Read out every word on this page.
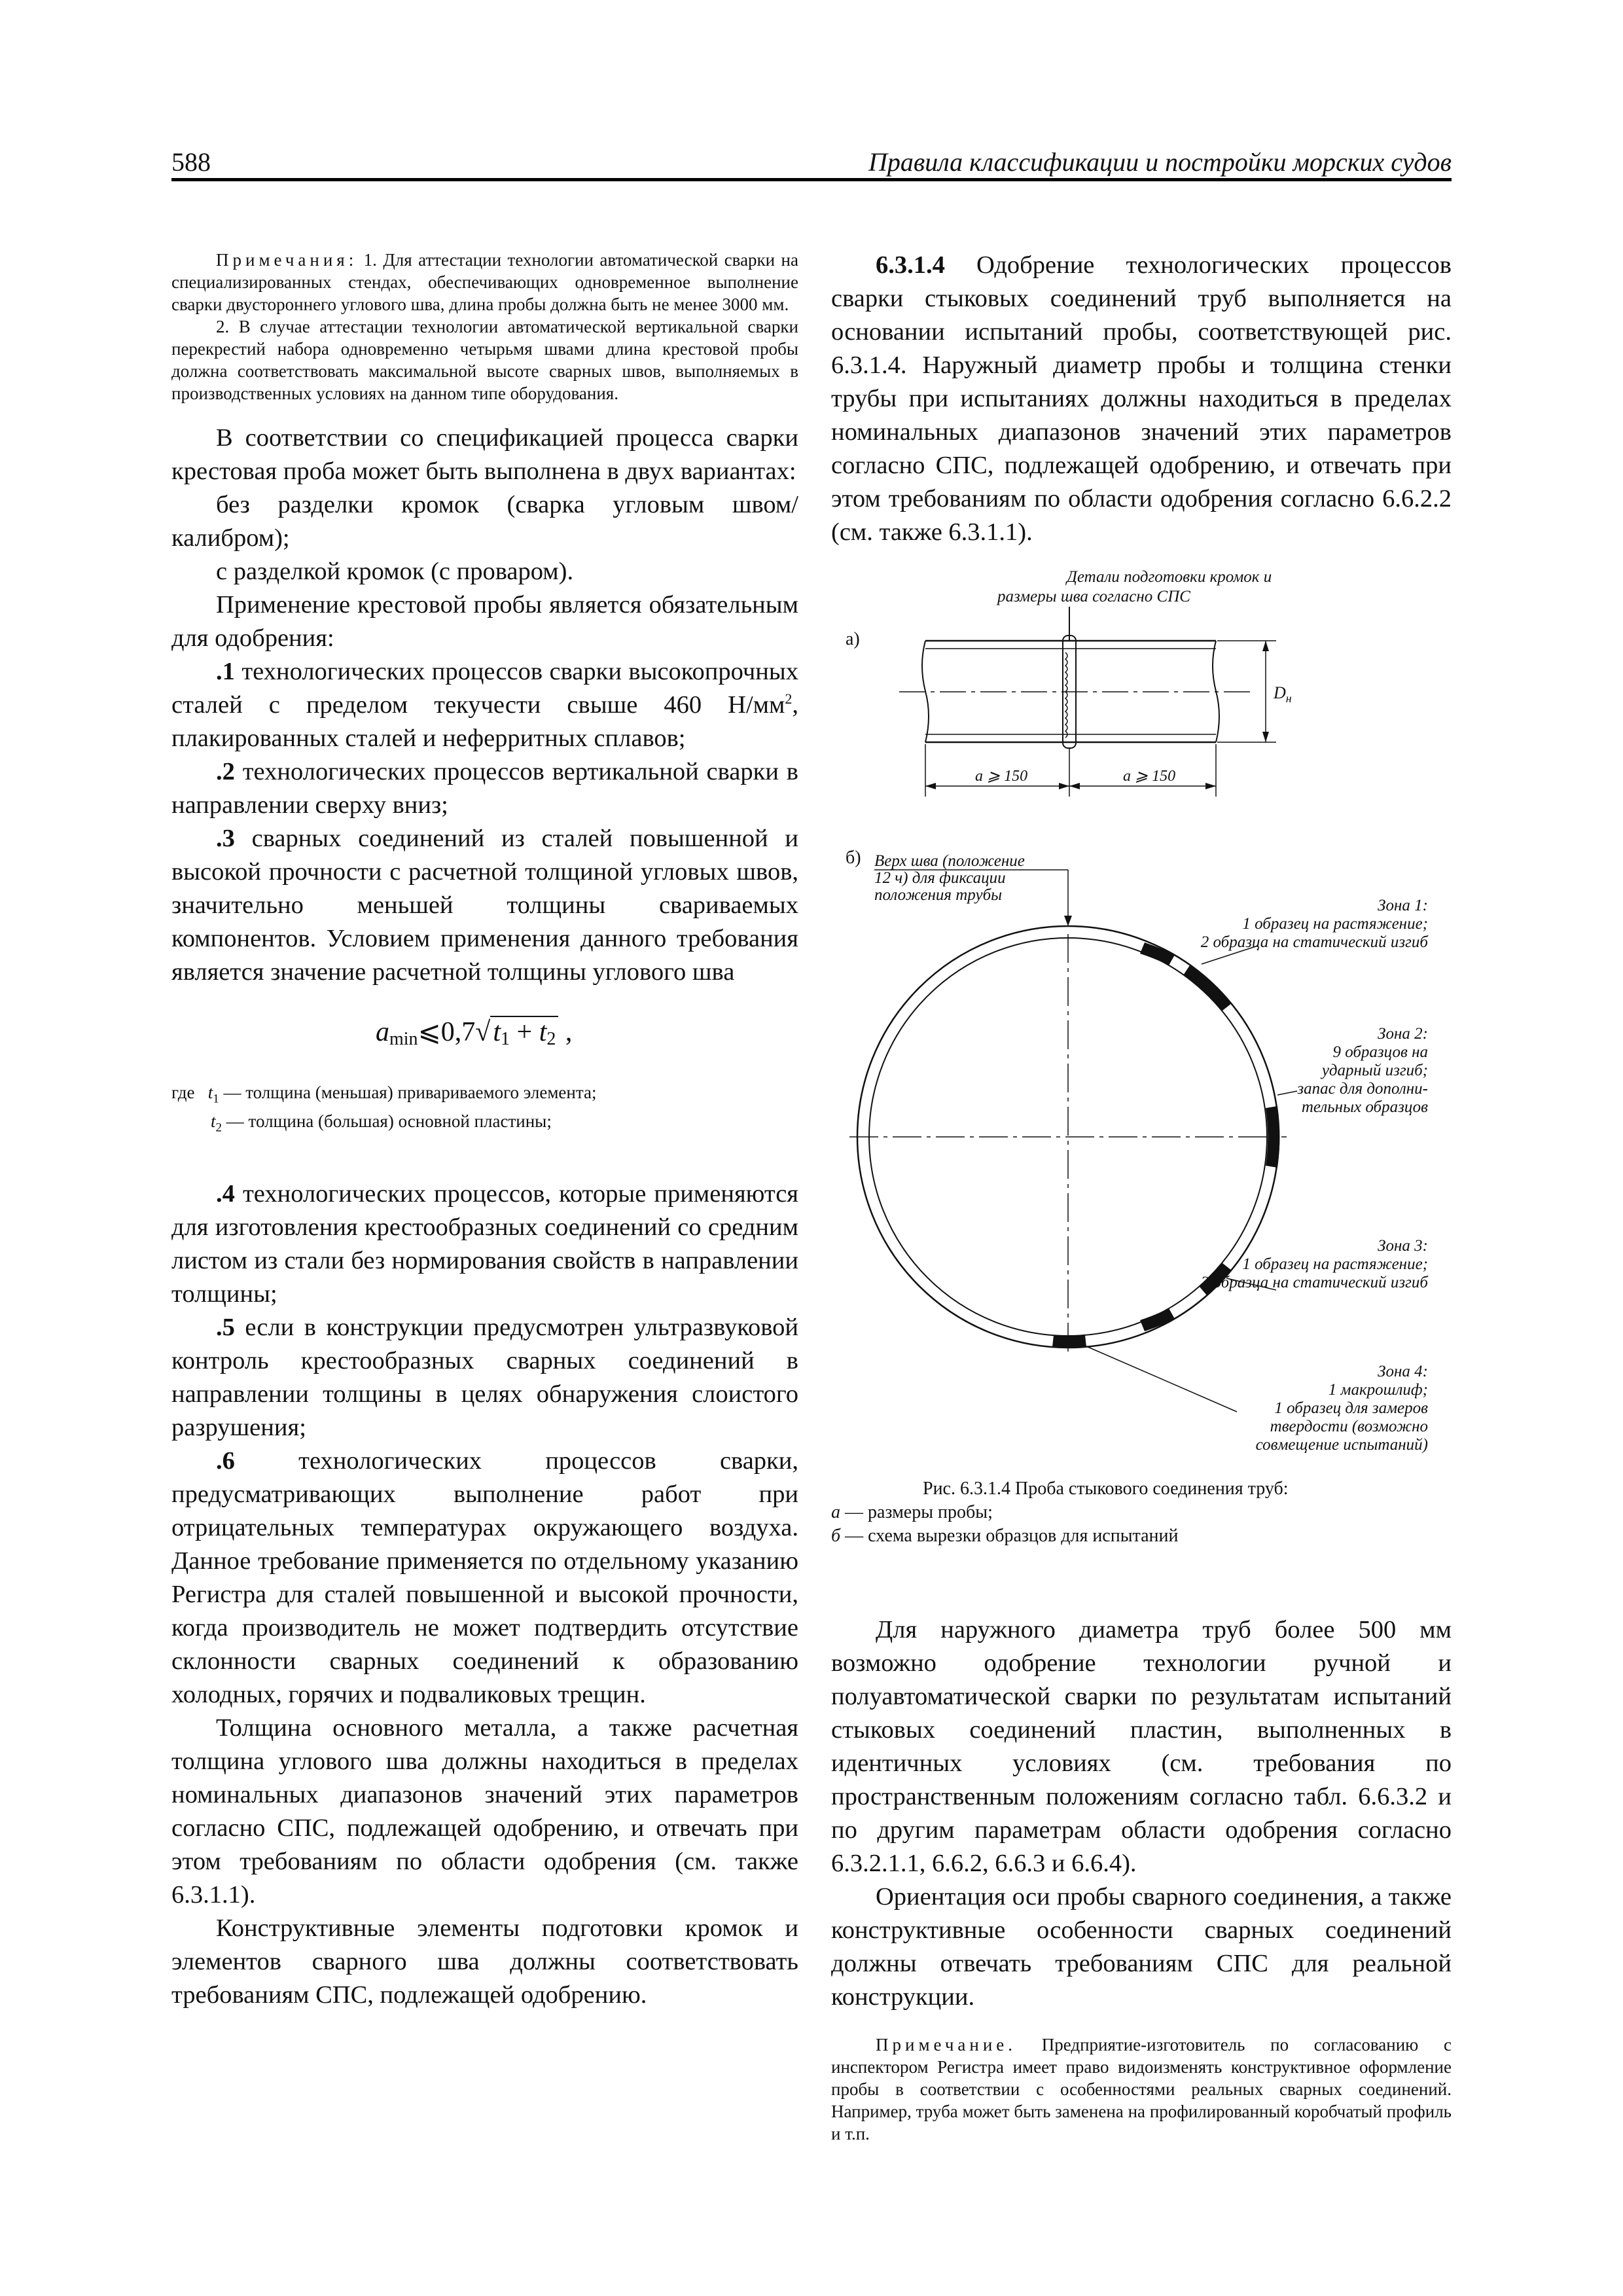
588	Правила классификации и постройки морских судов

Примечания: 1. Для аттестации технологии автоматической сварки на специализированных стендах, обеспечивающих одновременное выполнение сварки двустороннего углового шва, длина пробы должна быть не менее 3000 мм.

2. В случае аттестации технологии автоматической вертикальной сварки перекрестий набора одновременно четырьмя швами длина крестовой пробы должна соответствовать максимальной высоте сварных швов, выполняемых в производственных условиях на данном типе оборудования.

В соответствии со спецификацией процесса сварки крестовая проба может быть выполнена в двух вариантах:

без разделки кромок (сварка угловым швом/калибром);

с разделкой кромок (с проваром).

Применение крестовой пробы является обязательным для одобрения:

.1 технологических процессов сварки высокопрочных сталей с пределом текучести свыше 460 $Н/мм^2$, плакированных сталей и неферритных сплавов;

.2 технологических процессов вертикальной сварки в направлении сверху вниз;

.3 сварных соединений из сталей повышенной и высокой прочности с расчетной толщиной угловых швов, значительно меньшей толщины свариваемых компонентов. Условием применения данного требования является значение расчетной толщины углового шва

$a_{min}⩽0,7√t_1 + t_2$ ,
где $t_1$ — толщина (меньшая) привариваемого элемента;
$t_2$ — толщина (большая) основной пластины;

.4 технологических процессов, которые применяются для изготовления крестообразных соединений со средним листом из стали без нормирования свойств в направлении толщины;

.5 если в конструкции предусмотрен ультразвуковой контроль крестообразных сварных соединений в направлении толщины в целях обнаружения слоистого разрушения;

.6 технологических процессов сварки, предусматривающих выполнение работ при отрицательных температурах окружающего воздуха. Данное требование применяется по отдельному указанию Регистра для сталей повышенной и высокой прочности, когда производитель не может подтвердить отсутствие склонности сварных соединений к образованию холодных, горячих и подваликовых трещин.

Толщина основного металла, а также расчетная толщина углового шва должны находиться в пределах номинальных диапазонов значений этих параметров согласно СПС, подлежащей одобрению, и отвечать при этом требованиям по области одобрения (см. также 6.3.1.1).

Конструктивные элементы подготовки кромок и элементов сварного шва должны соответствовать требованиям СПС, подлежащей одобрению.

6.3.1.4 Одобрение технологических процессов сварки стыковых соединений труб выполняется на основании испытаний пробы, соответствующей рис. 6.3.1.4. Наружный диаметр пробы и толщина стенки трубы при испытаниях должны находиться в пределах номинальных диапазонов значений этих параметров согласно СПС, подлежащей одобрению, и отвечать при этом требованиям по области одобрения согласно 6.6.2.2 (см. также 6.3.1.1).

а)
Детали подготовки кромок и
размеры шва согласно СПС
a ⩾ 150	a ⩾ 150
$D_н$
б) Верх шва (положение
12 ч) для фиксации
положения трубы
Зона 1:
1 образец на растяжение;
2 образца на статический изгиб
Зона 2:
9 образцов на
ударный изгиб;
запас для дополни-
тельных образцов
Зона 3:
1 образец на растяжение;
2 образца на статический изгиб
Зона 4:
1 макрошлиф;
1 образец для замеров
твердости (возможно
совмещение испытаний)

Рис. 6.3.1.4 Проба стыкового соединения труб:

а — размеры пробы;

б — схема вырезки образцов для испытаний

Для наружного диаметра труб более 500 мм возможно одобрение технологии ручной и полуавтоматической сварки по результатам испытаний стыковых соединений пластин, выполненных в идентичных условиях (см. требования по пространственным положениям согласно табл. 6.6.3.2 и по другим параметрам области одобрения согласно 6.3.2.1.1, 6.6.2, 6.6.3 и 6.6.4).

Ориентация оси пробы сварного соединения, а также конструктивные особенности сварных соединений должны отвечать требованиям СПС для реальной конструкции.

Примечание. Предприятие-изготовитель по согласованию с инспектором Регистра имеет право видоизменять конструктивное оформление пробы в соответствии с особенностями реальных сварных соединений. Например, труба может быть заменена на профилированный коробчатый профиль и т.п.
